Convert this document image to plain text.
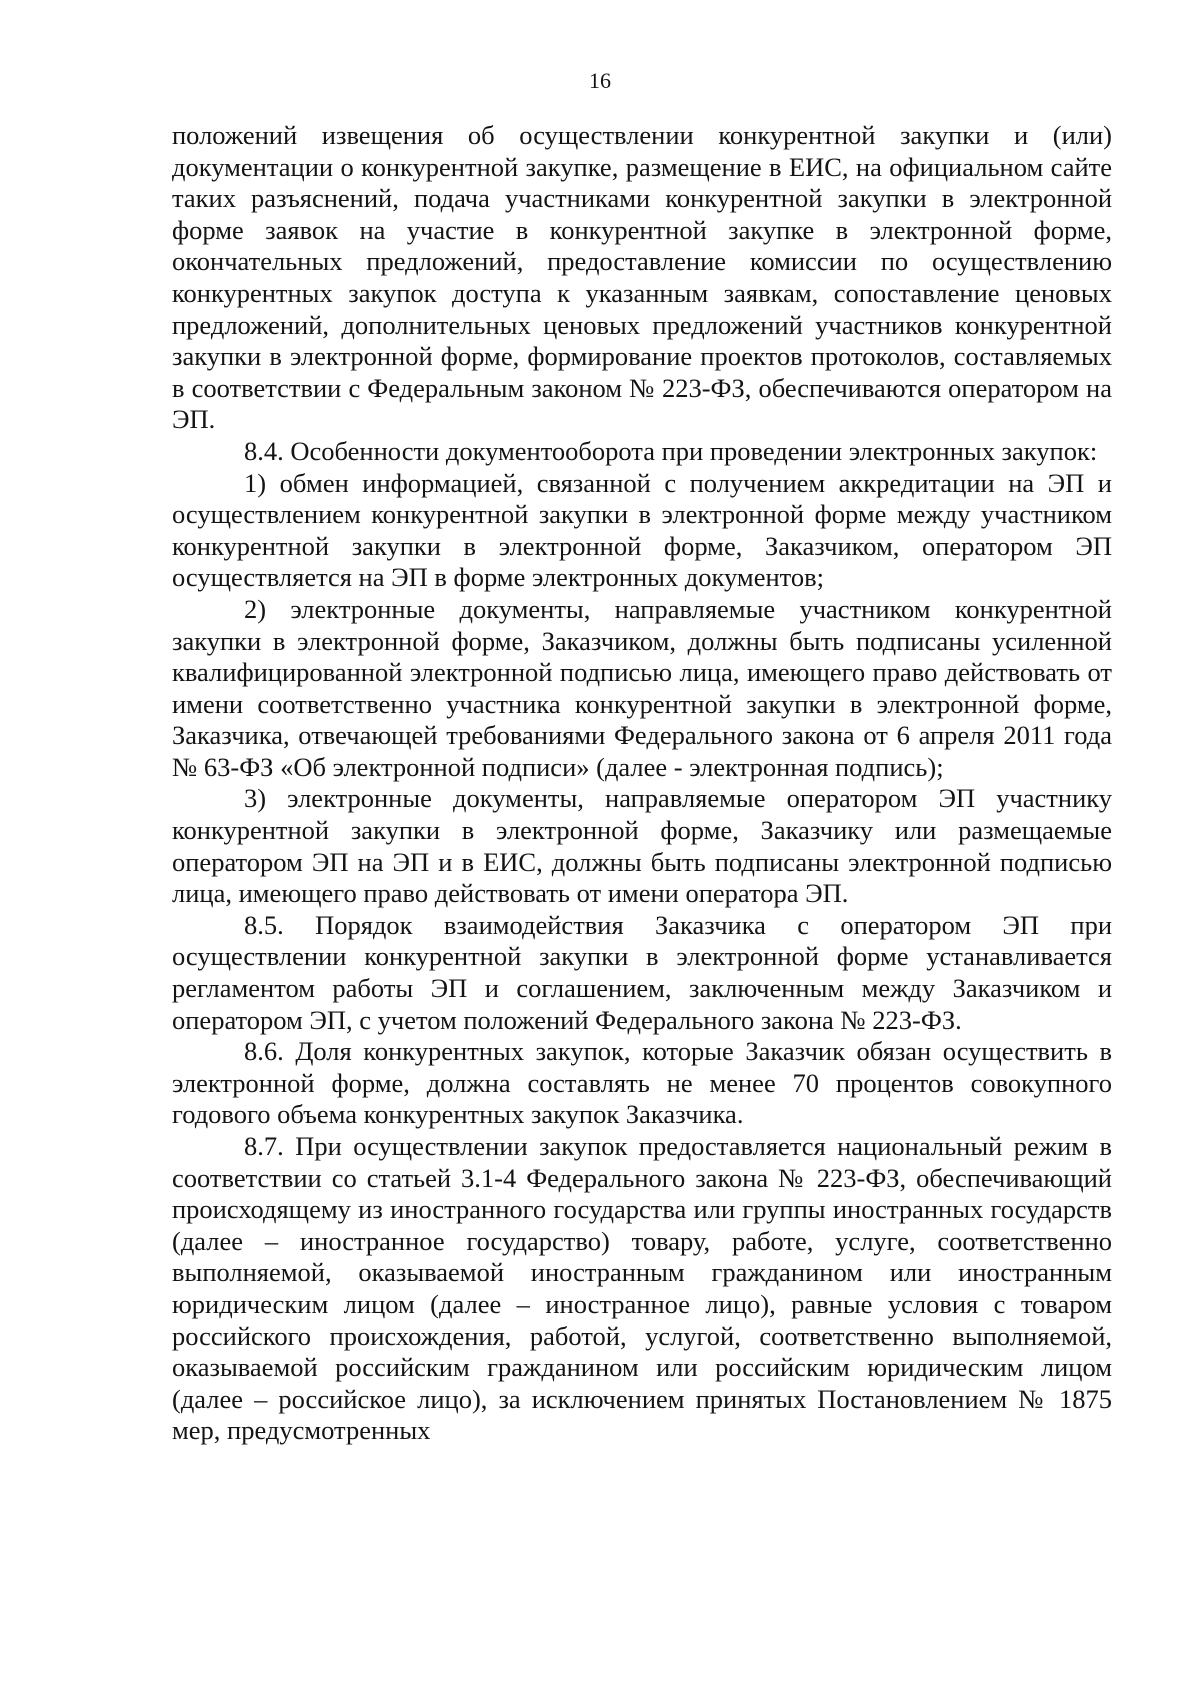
16

положений извещения об осуществлении конкурентной закупки и (или) документации о конкурентной закупке, размещение в ЕИС, на официальном сайте таких разъяснений, подача участниками конкурентной закупки в электронной форме заявок на участие в конкурентной закупке в электронной форме, окончательных предложений, предоставление комиссии по осуществлению конкурентных закупок доступа к указанным заявкам, сопоставление ценовых предложений, дополнительных ценовых предложений участников конкурентной закупки в электронной форме, формирование проектов протоколов, составляемых в соответствии с Федеральным законом № 223-ФЗ, обеспечиваются оператором на ЭП.

8.4. Особенности документооборота при проведении электронных закупок:

1) обмен информацией, связанной с получением аккредитации на ЭП и осуществлением конкурентной закупки в электронной форме между участником конкурентной закупки в электронной форме, Заказчиком, оператором ЭП осуществляется на ЭП в форме электронных документов;

2) электронные документы, направляемые участником конкурентной закупки в электронной форме, Заказчиком, должны быть подписаны усиленной квалифицированной электронной подписью лица, имеющего право действовать от имени соответственно участника конкурентной закупки в электронной форме, Заказчика, отвечающей требованиями Федерального закона от 6 апреля 2011 года № 63-ФЗ «Об электронной подписи» (далее - электронная подпись);

3) электронные документы, направляемые оператором ЭП участнику конкурентной закупки в электронной форме, Заказчику или размещаемые оператором ЭП на ЭП и в ЕИС, должны быть подписаны электронной подписью лица, имеющего право действовать от имени оператора ЭП.

8.5. Порядок взаимодействия Заказчика с оператором ЭП при осуществлении конкурентной закупки в электронной форме устанавливается регламентом работы ЭП и соглашением, заключенным между Заказчиком и оператором ЭП, с учетом положений Федерального закона № 223-ФЗ.

8.6. Доля конкурентных закупок, которые Заказчик обязан осуществить в электронной форме, должна составлять не менее 70 процентов совокупного годового объема конкурентных закупок Заказчика.

8.7. При осуществлении закупок предоставляется национальный режим в соответствии со статьей 3.1-4 Федерального закона № 223-ФЗ, обеспечивающий происходящему из иностранного государства или группы иностранных государств (далее – иностранное государство) товару, работе, услуге, соответственно выполняемой, оказываемой иностранным гражданином или иностранным юридическим лицом (далее – иностранное лицо), равные условия с товаром российского происхождения, работой, услугой, соответственно выполняемой, оказываемой российским гражданином или российским юридическим лицом (далее – российское лицо), за исключением принятых Постановлением № 1875 мер, предусмотренных
